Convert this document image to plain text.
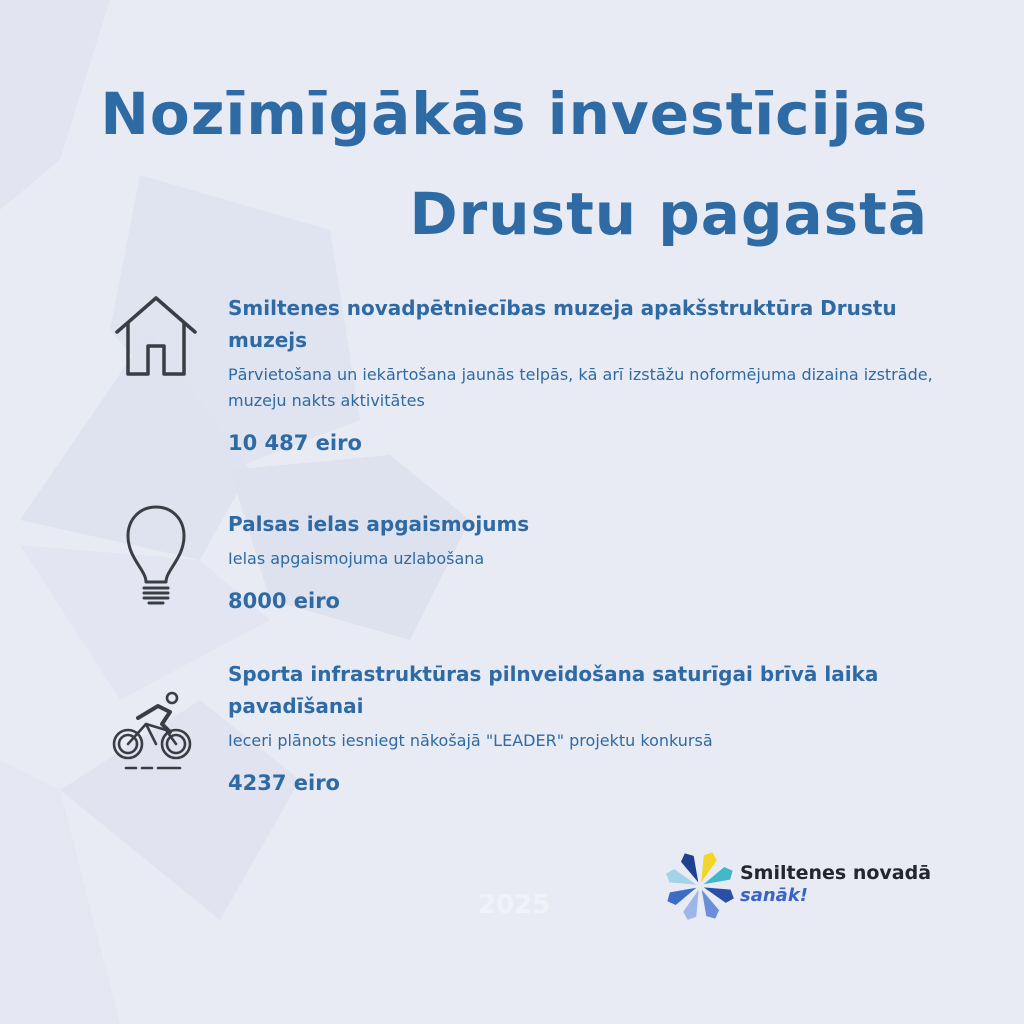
Nozīmīgākās investīcijas
Drustu pagastā
Smiltenes novadpētniecības muzeja apakšstruktūra Drustu muzejs
Pārvietošana un iekārtošana jaunās telpās, kā arī izstāžu noformējuma dizaina izstrāde, muzeju nakts aktivitātes
10 487 eiro
Palsas ielas apgaismojums
Ielas apgaismojuma uzlabošana
8000 eiro
Sporta infrastruktūras pilnveidošana saturīgai brīvā laika pavadīšanai
Ieceri plānots iesniegt nākošajā "LEADER" projektu konkursā
4237 eiro
2025
Smiltenes novadā
sanāk!
